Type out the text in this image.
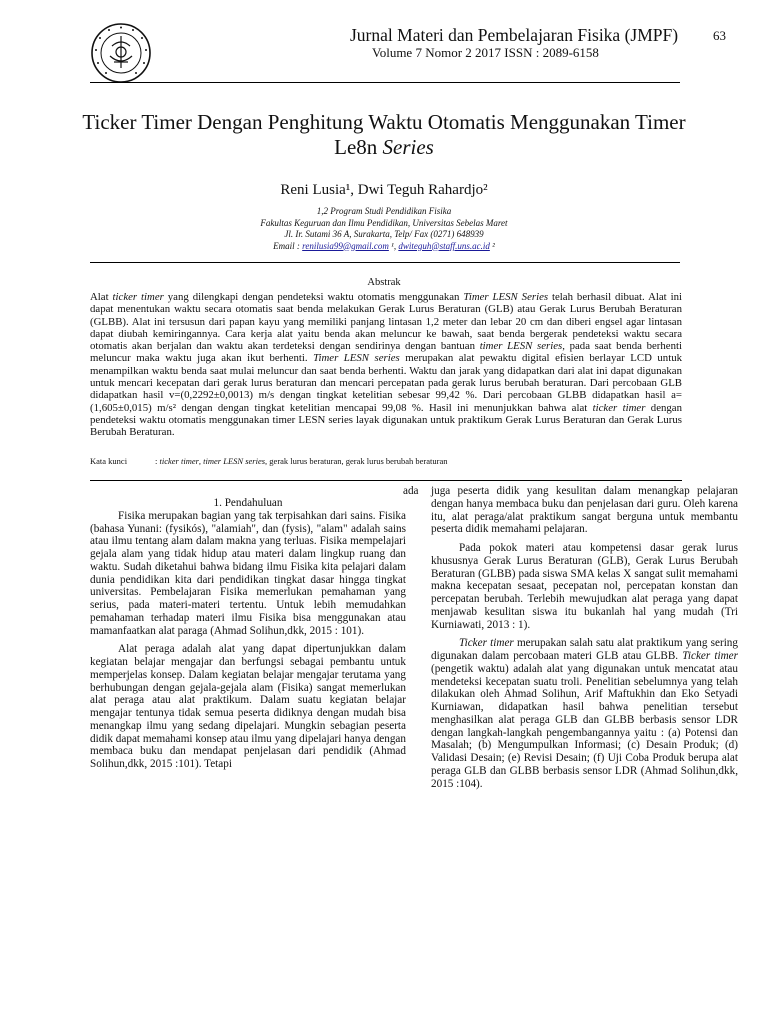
Jurnal Materi dan Pembelajaran Fisika (JMPF)	63
Volume 7 Nomor 2 2017 ISSN : 2089-6158
Ticker Timer Dengan Penghitung Waktu Otomatis Menggunakan Timer Le8n Series
Reni Lusia¹, Dwi Teguh Rahardjo²
1,2 Program Studi Pendidikan Fisika
Fakultas Keguruan dan Ilmu Pendidikan, Universitas Sebelas Maret
Jl. Ir. Sutami 36 A, Surakarta, Telp/ Fax (0271) 648939
Email : renilusia99@gmail.com ¹, dwiteguh@staff.uns.ac.id ²
Abstrak
Alat ticker timer yang dilengkapi dengan pendeteksi waktu otomatis menggunakan Timer LESN Series telah berhasil dibuat. Alat ini dapat menentukan waktu secara otomatis saat benda melakukan Gerak Lurus Beraturan (GLB) atau Gerak Lurus Berubah Beraturan (GLBB). Alat ini tersusun dari papan kayu yang memiliki panjang lintasan 1,2 meter dan lebar 20 cm dan diberi engsel agar lintasan dapat diubah kemiringannya. Cara kerja alat yaitu benda akan meluncur ke bawah, saat benda bergerak pendeteksi waktu secara otomatis akan berjalan dan waktu akan terdeteksi dengan sendirinya dengan bantuan timer LESN series, pada saat benda berhenti meluncur maka waktu juga akan ikut berhenti. Timer LESN series merupakan alat pewaktu digital efisien berlayar LCD untuk menampilkan waktu benda saat mulai meluncur dan saat benda berhenti. Waktu dan jarak yang didapatkan dari alat ini dapat digunakan untuk mencari kecepatan dari gerak lurus beraturan dan mencari percepatan pada gerak lurus berubah beraturan. Dari percobaan GLB didapatkan hasil v=(0,2292±0,0013) m/s dengan tingkat ketelitian sebesar 99,42 %. Dari percobaan GLBB didapatkan hasil a=(1,605±0,015) m/s² dengan dengan tingkat ketelitian mencapai 99,08 %. Hasil ini menunjukkan bahwa alat ticker timer dengan pendeteksi waktu otomatis menggunakan timer LESN series layak digunakan untuk praktikum Gerak Lurus Beraturan dan Gerak Lurus Berubah Beraturan.
Kata kunci	: ticker timer, timer LESN series, gerak lurus beraturan, gerak lurus berubah beraturan
ada

1. Pendahuluan

Fisika merupakan bagian yang tak terpisahkan dari sains. Fisika (bahasa Yunani: (fysikós), "alamiah", dan (fysis), "alam" adalah sains atau ilmu tentang alam dalam makna yang terluas. Fisika mempelajari gejala alam yang tidak hidup atau materi dalam lingkup ruang dan waktu. Sudah diketahui bahwa bidang ilmu Fisika kita pelajari dalam dunia pendidikan kita dari pendidikan tingkat dasar hingga tingkat universitas. Pembelajaran Fisika memerlukan pemahaman yang serius, pada materi-materi tertentu. Untuk lebih memudahkan pemahaman terhadap materi ilmu Fisika bisa menggunakan atau mamanfaatkan alat paraga (Ahmad Solihun,dkk, 2015 : 101).

Alat peraga adalah alat yang dapat dipertunjukkan dalam kegiatan belajar mengajar dan berfungsi sebagai pembantu untuk memperjelas konsep. Dalam kegiatan belajar mengajar terutama yang berhubungan dengan gejala-gejala alam (Fisika) sangat memerlukan alat peraga atau alat praktikum. Dalam suatu kegiatan belajar mengajar tentunya tidak semua peserta didiknya dengan mudah bisa menangkap ilmu yang sedang dipelajari. Mungkin sebagian peserta didik dapat memahami konsep atau ilmu yang dipelajari hanya dengan membaca buku dan mendapat penjelasan dari pendidik (Ahmad Solihun,dkk, 2015 :101). Tetapi

juga peserta didik yang kesulitan dalam menangkap pelajaran dengan hanya membaca buku dan penjelasan dari guru. Oleh karena itu, alat peraga/alat praktikum sangat berguna untuk membantu peserta didik memahami pelajaran.

Pada pokok materi atau kompetensi dasar gerak lurus khususnya Gerak Lurus Beraturan (GLB), Gerak Lurus Berubah Beraturan (GLBB) pada siswa SMA kelas X sangat sulit memahami makna kecepatan sesaat, pecepatan nol, percepatan konstan dan percepatan berubah. Terlebih mewujudkan alat peraga yang dapat menjawab kesulitan siswa itu bukanlah hal yang mudah (Tri Kurniawati, 2013 : 1).

Ticker timer merupakan salah satu alat praktikum yang sering digunakan dalam percobaan materi GLB atau GLBB. Ticker timer (pengetik waktu) adalah alat yang digunakan untuk mencatat atau mendeteksi kecepatan suatu troli. Penelitian sebelumnya yang telah dilakukan oleh Ahmad Solihun, Arif Maftukhin dan Eko Setyadi Kurniawan, didapatkan hasil bahwa penelitian tersebut menghasilkan alat peraga GLB dan GLBB berbasis sensor LDR dengan langkah-langkah pengembangannya yaitu : (a) Potensi dan Masalah; (b) Mengumpulkan Informasi; (c) Desain Produk; (d) Validasi Desain; (e) Revisi Desain; (f) Uji Coba Produk berupa alat peraga GLB dan GLBB berbasis sensor LDR (Ahmad Solihun,dkk, 2015 :104).
